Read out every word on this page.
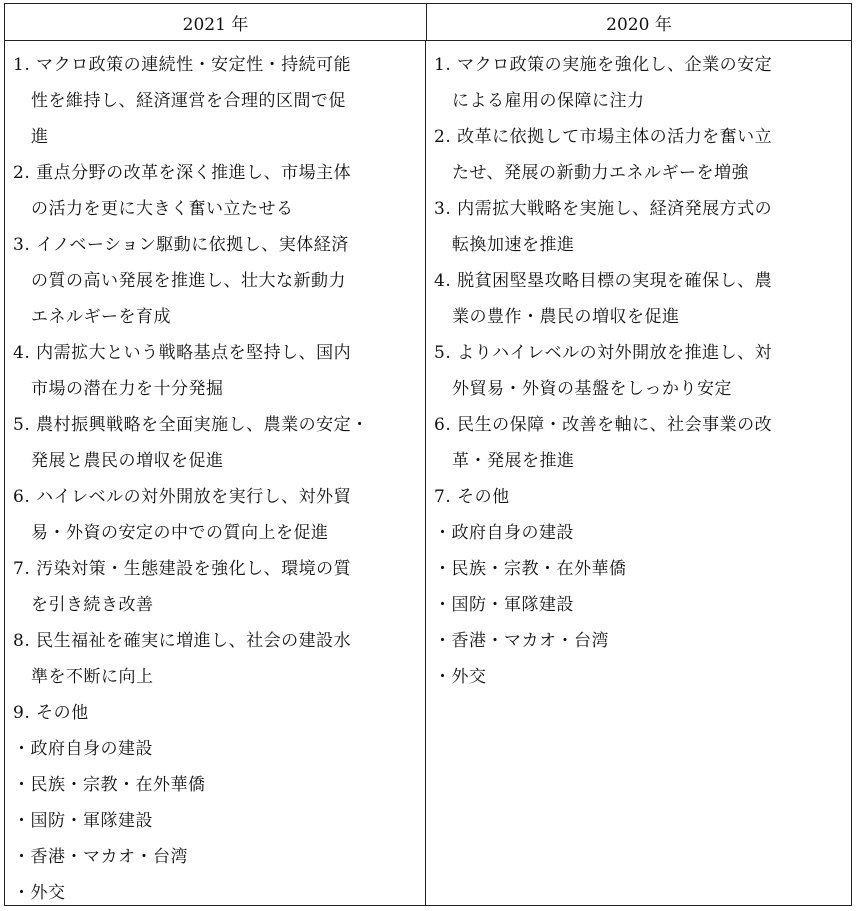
2021 年	2020 年
1. マクロ政策の連続性・安定性・持続可能
性を維持し、経済運営を合理的区間で促
進
2. 重点分野の改革を深く推進し、市場主体
の活力を更に大きく奮い立たせる
3. イノベーション駆動に依拠し、実体経済
の質の高い発展を推進し、壮大な新動力
エネルギーを育成
4. 内需拡大という戦略基点を堅持し、国内
市場の潜在力を十分発掘
5. 農村振興戦略を全面実施し、農業の安定・
発展と農民の増収を促進
6. ハイレベルの対外開放を実行し、対外貿
易・外資の安定の中での質向上を促進
7. 汚染対策・生態建設を強化し、環境の質
を引き続き改善
8. 民生福祉を確実に増進し、社会の建設水
準を不断に向上
9. その他
・政府自身の建設
・民族・宗教・在外華僑
・国防・軍隊建設
・香港・マカオ・台湾
・外交
1. マクロ政策の実施を強化し、企業の安定
による雇用の保障に注力
2. 改革に依拠して市場主体の活力を奮い立
たせ、発展の新動力エネルギーを増強
3. 内需拡大戦略を実施し、経済発展方式の
転換加速を推進
4. 脱貧困堅塁攻略目標の実現を確保し、農
業の豊作・農民の増収を促進
5. よりハイレベルの対外開放を推進し、対
外貿易・外資の基盤をしっかり安定
6. 民生の保障・改善を軸に、社会事業の改
革・発展を推進
7. その他
・政府自身の建設
・民族・宗教・在外華僑
・国防・軍隊建設
・香港・マカオ・台湾
・外交
